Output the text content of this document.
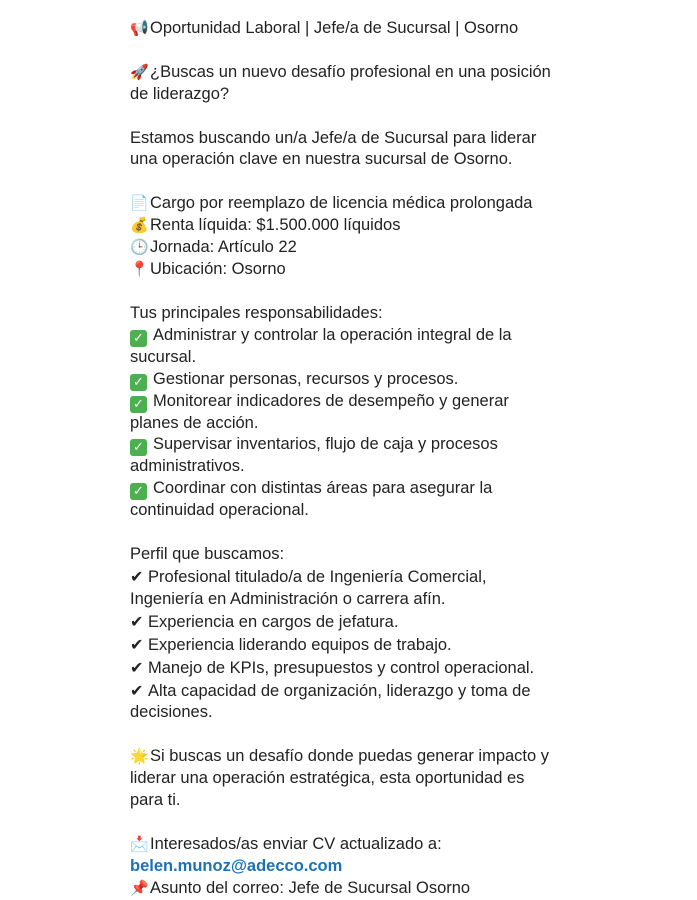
📢Oportunidad Laboral | Jefe/a de Sucursal | Osorno
🚀¿Buscas un nuevo desafío profesional en una posición
de liderazgo?
Estamos buscando un/a Jefe/a de Sucursal para liderar
una operación clave en nuestra sucursal de Osorno.
📄Cargo por reemplazo de licencia médica prolongada
💰Renta líquida: $1.500.000 líquidos
🕒Jornada: Artículo 22
📍Ubicación: Osorno
Tus principales responsabilidades:
✓ Administrar y controlar la operación integral de la
sucursal.
✓ Gestionar personas, recursos y procesos.
✓ Monitorear indicadores de desempeño y generar
planes de acción.
✓ Supervisar inventarios, flujo de caja y procesos
administrativos.
✓ Coordinar con distintas áreas para asegurar la
continuidad operacional.
Perfil que buscamos:
✔ Profesional titulado/a de Ingeniería Comercial,
Ingeniería en Administración o carrera afín.
✔ Experiencia en cargos de jefatura.
✔ Experiencia liderando equipos de trabajo.
✔ Manejo de KPIs, presupuestos y control operacional.
✔ Alta capacidad de organización, liderazgo y toma de
decisiones.
🌟Si buscas un desafío donde puedas generar impacto y
liderar una operación estratégica, esta oportunidad es
para ti.
📩Interesados/as enviar CV actualizado a:
belen.munoz@adecco.com
📌Asunto del correo: Jefe de Sucursal Osorno
